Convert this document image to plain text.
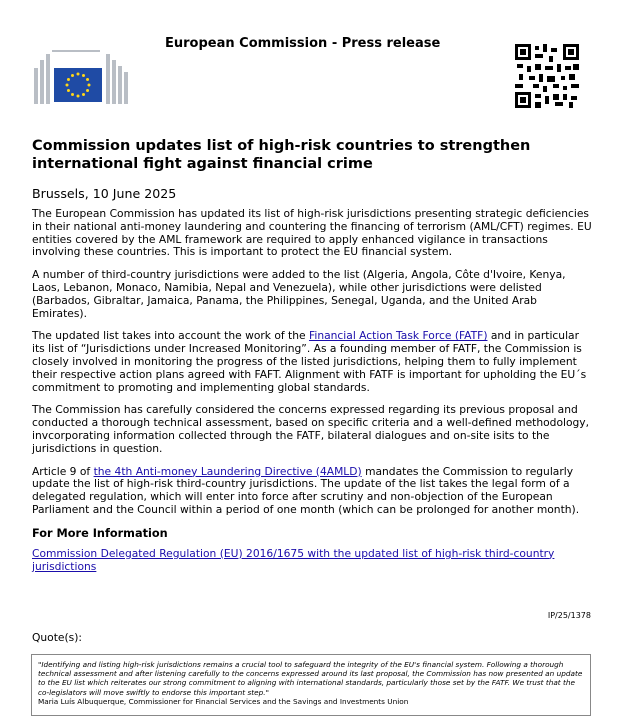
European Commission - Press release
Commission updates list of high-risk countries to strengthen international fight against financial crime
Brussels, 10 June 2025

The European Commission has updated its list of high-risk jurisdictions presenting strategic deficiencies in their national anti-money laundering and countering the financing of terrorism (AML/CFT) regimes. EU entities covered by the AML framework are required to apply enhanced vigilance in transactions involving these countries. This is important to protect the EU financial system.

A number of third-country jurisdictions were added to the list (Algeria, Angola, Côte d'Ivoire, Kenya, Laos, Lebanon, Monaco, Namibia, Nepal and Venezuela), while other jurisdictions were delisted (Barbados, Gibraltar, Jamaica, Panama, the Philippines, Senegal, Uganda, and the United Arab Emirates).

The updated list takes into account the work of the Financial Action Task Force (FATF) and in particular its list of “Jurisdictions under Increased Monitoring”. As a founding member of FATF, the Commission is closely involved in monitoring the progress of the listed jurisdictions, helping them to fully implement their respective action plans agreed with FAFT. Alignment with FATF is important for upholding the EU´s commitment to promoting and implementing global standards.

The Commission has carefully considered the concerns expressed regarding its previous proposal and conducted a thorough technical assessment, based on specific criteria and a well-defined methodology, invcorporating information collected through the FATF, bilateral dialogues and on-site isits to the jurisdictions in question.

Article 9 of the 4th Anti-money Laundering Directive (4AMLD) mandates the Commission to regularly update the list of high-risk third-country jurisdictions. The update of the list takes the legal form of a delegated regulation, which will enter into force after scrutiny and non-objection of the European Parliament and the Council within a period of one month (which can be prolonged for another month).

For More Information
Commission Delegated Regulation (EU) 2016/1675 with the updated list of high-risk third-country jurisdictions
IP/25/1378
Quote(s):

"Identifying and listing high-risk jurisdictions remains a crucial tool to safeguard the integrity of the EU's financial system. Following a thorough technical assessment and after listening carefully to the concerns expressed around its last proposal, the Commission has now presented an update to the EU list which reiterates our strong commitment to aligning with international standards, particularly those set by the FATF. We trust that the co-legislators will move swiftly to endorse this important step."

Maria Luís Albuquerque, Commissioner for Financial Services and the Savings and Investments Union
